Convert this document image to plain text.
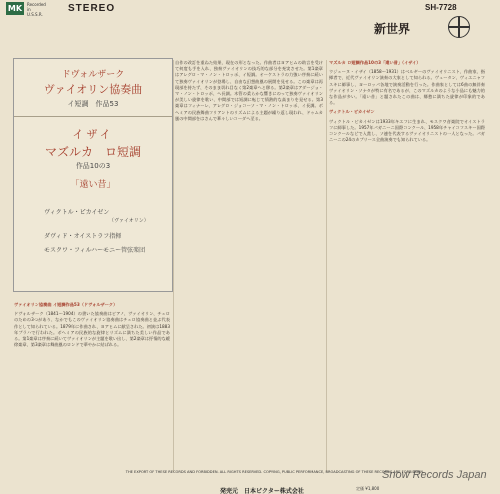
MK	Recorded in U.S.S.R.
STEREO	SH-7728
新世界
ドヴォルザーク
ヴァイオリン協奏曲
イ短調　作品53
イザイ
マズルカ　ロ短調
作品10の3
「遠い昔」
ヴィクトル・ピカイゼン
（ヴァイオリン）
ダヴィド・オイストラフ指揮
モスクワ・フィルハーモニー管弦楽団

ヴァイオリン協奏曲 イ短調作品53（ドヴォルザーク）

ドヴォルザーク（1841〜1904）の書いた協奏曲はピアノ、ヴァイオリン、チェロのための3つがあり、なかでもこのヴァイオリン協奏曲はチェロ協奏曲と並ぶ代表作として知られている。1879年に作曲され、ヨアヒムに献呈された。初演は1883年プラハで行われた。ボヘミアの民族的な旋律とリズムに満ちた美しい作品である。第1楽章は序奏に続いてヴァイオリンが主題を歌い出し、第2楽章は抒情的な緩徐楽章、第3楽章は舞曲風のロンドで華やかに結ばれる。

自作の改訂を重ねた結果、現在の形となった。作曲者はヨアヒムの助言を受けて何度も手を入れ、独奏ヴァイオリンの技巧的な部分を充実させた。第1楽章はアレグロ・マ・ノン・トロッポ、イ短調。オーケストラの力強い序奏に続いて独奏ヴァイオリンが登場し、自由な幻想曲風の展開を見せる。この楽章は再現部を持たず、そのまま切れ目なく第2楽章へと移る。第2楽章はアダージョ・マ・ノン・トロッポ、ヘ長調。木管の柔らかな響きにのって独奏ヴァイオリンが美しい旋律を歌い、中間部では短調に転じて情熱的な高まりを見せる。第3楽章はフィナーレ、アレグロ・ジョコーソ・マ・ノン・トロッポ、イ長調。ボヘミアの民族舞曲フリアントのリズムによる主題が繰り返し現われ、ドゥムカ風の中間部をはさんで華々しいコーダへ至る。

マズルカ ロ短調作品10の3「遠い昔」（イザイ）

ウジェーヌ・イザイ（1858〜1931）はベルギーのヴァイオリニスト、作曲家、指揮者で、近代ヴァイオリン演奏の大家として知られる。ヴュータン、ヴィエニャフスキに師事し、ヨーロッパ各地で演奏活動を行った。作曲家としては6曲の無伴奏ヴァイオリン・ソナタが特に有名であるが、このマズルカのような小品にも魅力的な作品が多い。「遠い昔」と題されたこの曲は、郷愁に満ちた旋律が印象的である。

ヴィクトル・ピカイゼン

ヴィクトル・ピカイゼンは1933年キエフに生まれ、モスクワ音楽院でオイストラフに師事した。1957年パガニーニ国際コンクール、1958年チャイコフスキー国際コンクールなどで入賞し、ソ連を代表するヴァイオリニストの一人となった。パガニーニの24のカプリース全曲演奏でも知られている。

THE EXPORT OF THESE RECORDS AND FORBIDDEN. ALL RIGHTS RESERVED. COPYING, PUBLIC PERFORMANCE, BROADCASTING OF THESE RECORDS ARE FORBIDDEN.
発売元　日本ビクター株式会社	定価 ¥1,800
Snow Records Japan
